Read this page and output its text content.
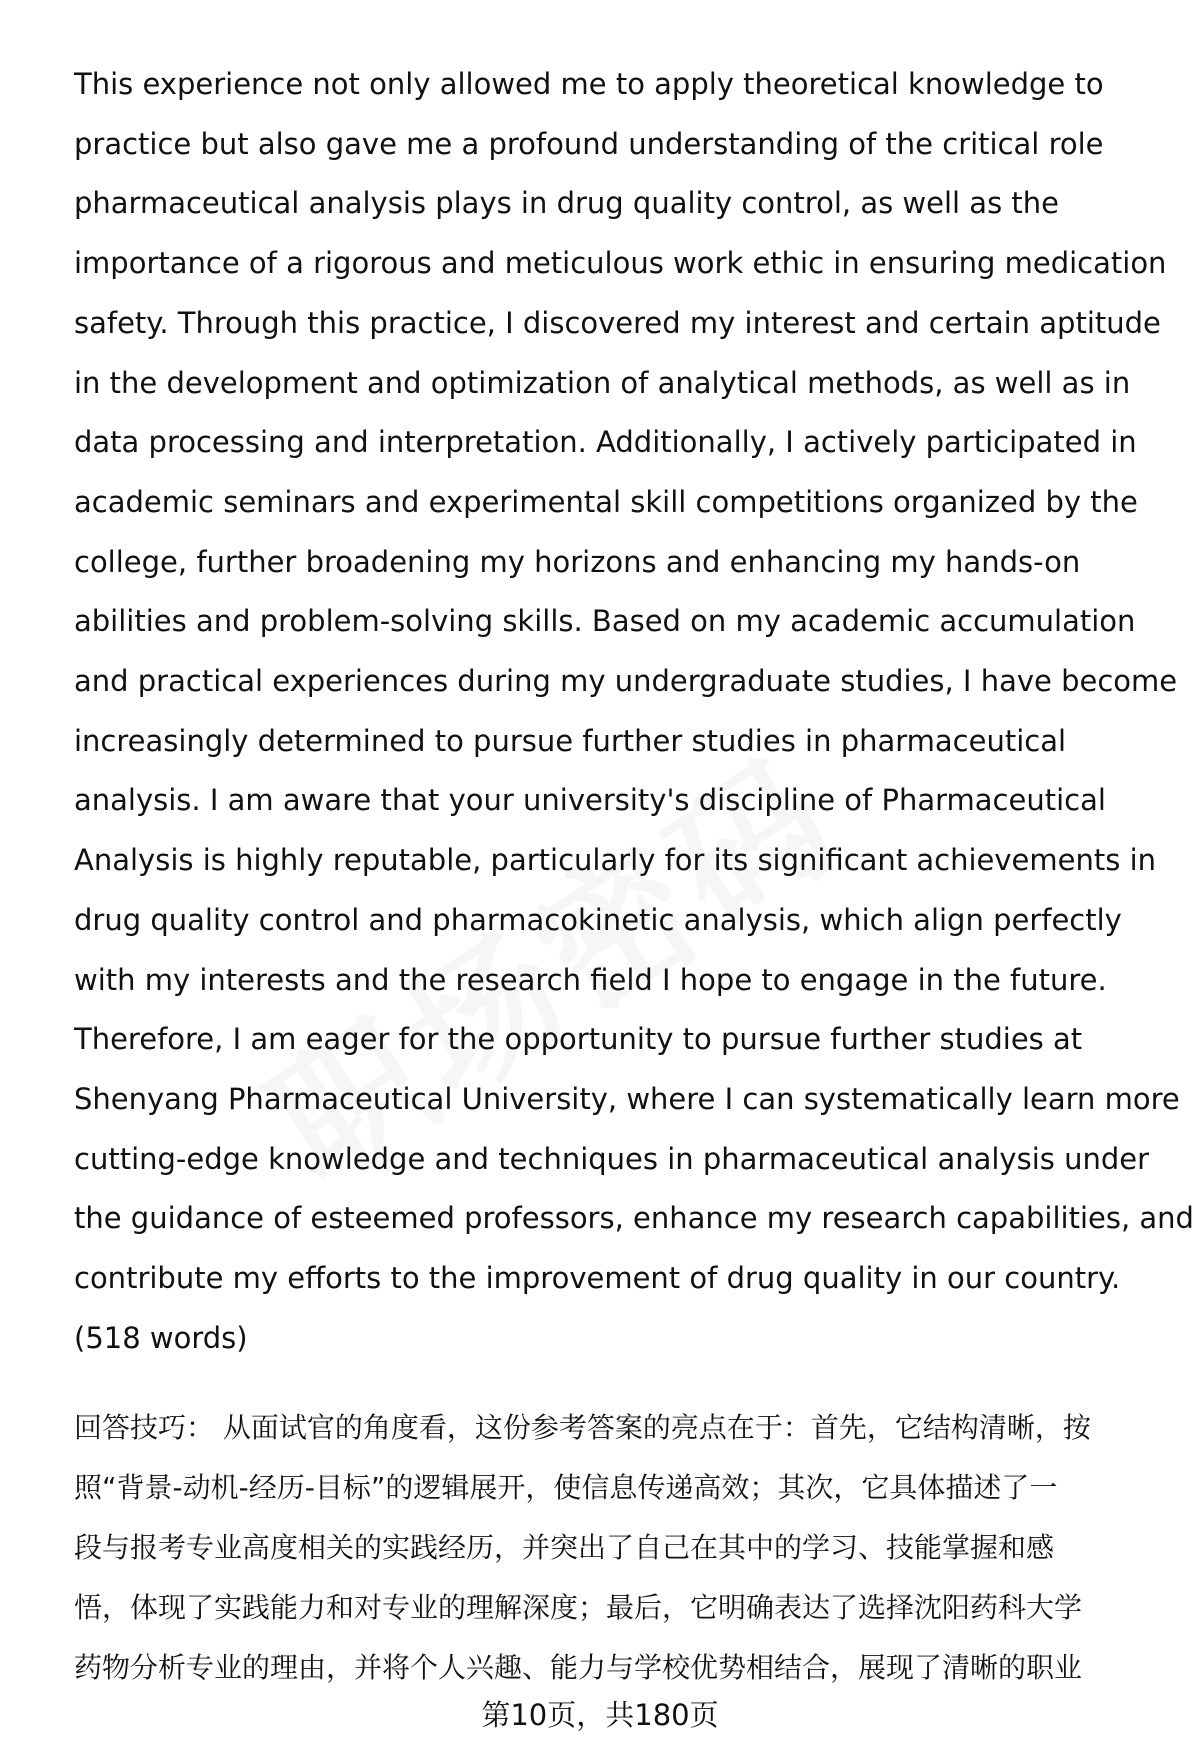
This experience not only allowed me to apply theoretical knowledge to
practice but also gave me a profound understanding of the critical role
pharmaceutical analysis plays in drug quality control, as well as the
importance of a rigorous and meticulous work ethic in ensuring medication
safety. Through this practice, I discovered my interest and certain aptitude
in the development and optimization of analytical methods, as well as in
data processing and interpretation. Additionally, I actively participated in
academic seminars and experimental skill competitions organized by the
college, further broadening my horizons and enhancing my hands-on
abilities and problem-solving skills. Based on my academic accumulation
and practical experiences during my undergraduate studies, I have become
increasingly determined to pursue further studies in pharmaceutical
analysis. I am aware that your university's discipline of Pharmaceutical
Analysis is highly reputable, particularly for its significant achievements in
drug quality control and pharmacokinetic analysis, which align perfectly
with my interests and the research field I hope to engage in the future.
Therefore, I am eager for the opportunity to pursue further studies at
Shenyang Pharmaceutical University, where I can systematically learn more
cutting-edge knowledge and techniques in pharmaceutical analysis under
the guidance of esteemed professors, enhance my research capabilities, and
contribute my efforts to the improvement of drug quality in our country.
(518 words)

回答技巧： 从面试官的角度看，这份参考答案的亮点在于：首先，它结构清晰，按
照“背景-动机-经历-目标”的逻辑展开，使信息传递高效；其次，它具体描述了一
段与报考专业高度相关的实践经历，并突出了自己在其中的学习、技能掌握和感
悟，体现了实践能力和对专业的理解深度；最后，它明确表达了选择沈阳药科大学
药物分析专业的理由，并将个人兴趣、能力与学校优势相结合，展现了清晰的职业
第10页，共180页
